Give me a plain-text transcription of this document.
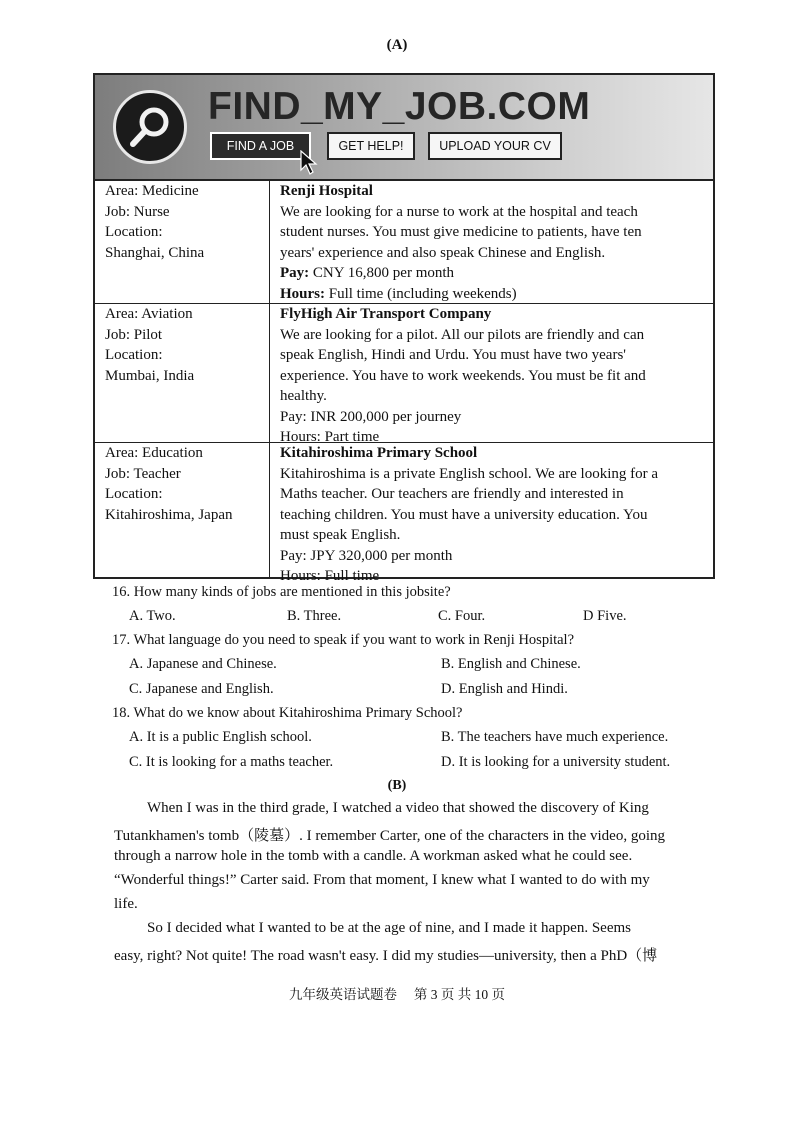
(A)
FIND_MY_JOB.COM
FIND A JOB	GET HELP!	UPLOAD YOUR CV
Area: Medicine
Job: Nurse
Location:
Shanghai, China
Renji Hospital
We are looking for a nurse to work at the hospital and teach
student nurses. You must give medicine to patients, have ten
years' experience and also speak Chinese and English.
Pay: CNY 16,800 per month
Hours: Full time (including weekends)
Area: Aviation
Job: Pilot
Location:
Mumbai, India
FlyHigh Air Transport Company
We are looking for a pilot. All our pilots are friendly and can
speak English, Hindi and Urdu. You must have two years'
experience. You have to work weekends. You must be fit and
healthy.
Pay: INR 200,000 per journey
Hours: Part time
Area: Education
Job: Teacher
Location:
Kitahiroshima, Japan
Kitahiroshima Primary School
Kitahiroshima is a private English school. We are looking for a
Maths teacher. Our teachers are friendly and interested in
teaching children. You must have a university education. You
must speak English.
Pay: JPY 320,000 per month
Hours: Full time
16. How many kinds of jobs are mentioned in this jobsite?
A. Two.	B. Three.	C. Four.	D Five.
17. What language do you need to speak if you want to work in Renji Hospital?
A. Japanese and Chinese.	B. English and Chinese.
C. Japanese and English.	D. English and Hindi.
18. What do we know about Kitahiroshima Primary School?
A. It is a public English school.	B. The teachers have much experience.
C. It is looking for a maths teacher.	D. It is looking for a university student.
(B)
When I was in the third grade, I watched a video that showed the discovery of King
Tutankhamen's tomb（陵墓）. I remember Carter, one of the characters in the video, going
through a narrow hole in the tomb with a candle. A workman asked what he could see.
“Wonderful things!” Carter said. From that moment, I knew what I wanted to do with my
life.
So I decided what I wanted to be at the age of nine, and I made it happen. Seems
easy, right? Not quite! The road wasn't easy. I did my studies—university, then a PhD（博
九年级英语试题卷　 第 3 页 共 10 页
